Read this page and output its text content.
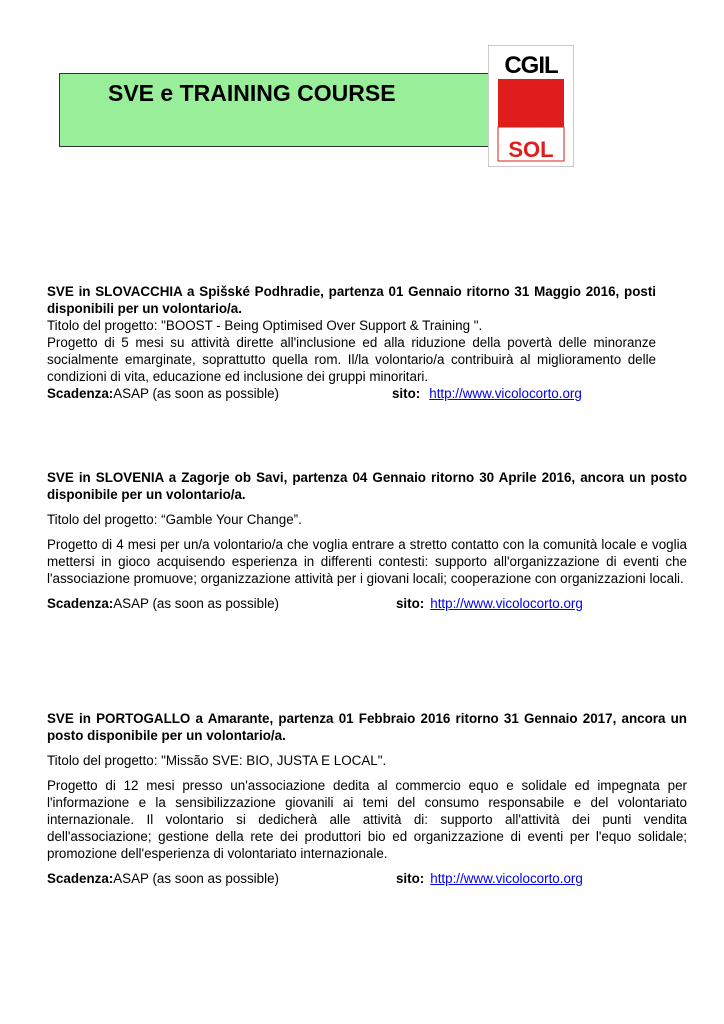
SVE e TRAINING COURSE
CGIL
SOL

SVE in SLOVACCHIA a Spišské Podhradie, partenza 01 Gennaio ritorno 31 Maggio 2016, posti disponibili per un volontario/a.

Titolo del progetto: "BOOST - Being Optimised Over Support & Training ".

Progetto di 5 mesi su attività dirette all'inclusione ed alla riduzione della povertà delle minoranze socialmente emarginate, soprattutto quella rom. Il/la volontario/a contribuirà al miglioramento delle condizioni di vita, educazione ed inclusione dei gruppi minoritari.

Scadenza: ASAP (as soon as possible)	sito: http://www.vicolocorto.org

SVE in SLOVENIA a Zagorje ob Savi, partenza 04 Gennaio ritorno 30 Aprile 2016, ancora un posto disponibile per un volontario/a.

Titolo del progetto: “Gamble Your Change”.

Progetto di 4 mesi per un/a volontario/a che voglia entrare a stretto contatto con la comunità locale e voglia mettersi in gioco acquisendo esperienza in differenti contesti: supporto all'organizzazione di eventi che l'associazione promuove; organizzazione attività per i giovani locali; cooperazione con organizzazioni locali.

Scadenza: ASAP (as soon as possible)	sito: http://www.vicolocorto.org

SVE in PORTOGALLO a Amarante, partenza 01 Febbraio 2016 ritorno 31 Gennaio 2017, ancora un posto disponibile per un volontario/a.

Titolo del progetto: "Missão SVE: BIO, JUSTA E LOCAL".

Progetto di 12 mesi presso un'associazione dedita al commercio equo e solidale ed impegnata per l'informazione e la sensibilizzazione giovanili ai temi del consumo responsabile e del volontariato internazionale. Il volontario si dedicherà alle attività di: supporto all'attività dei punti vendita dell'associazione; gestione della rete dei produttori bio ed organizzazione di eventi per l'equo solidale; promozione dell'esperienza di volontariato internazionale.

Scadenza: ASAP (as soon as possible)	sito: http://www.vicolocorto.org
